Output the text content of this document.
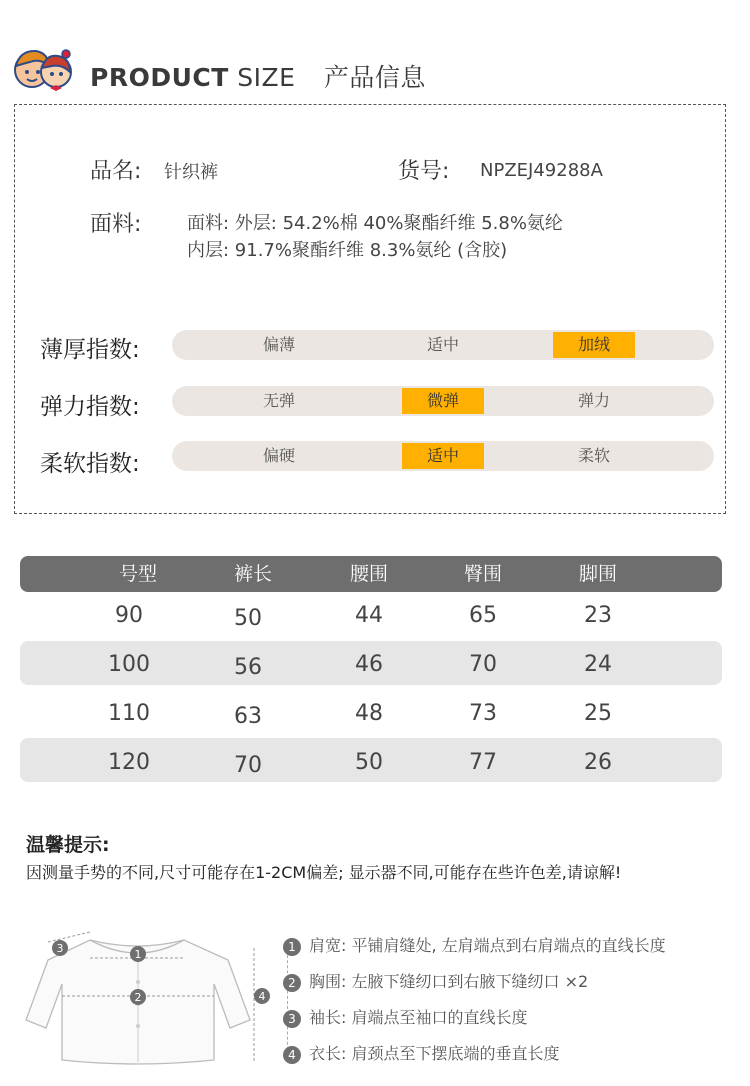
PRODUCT SIZE 产品信息
品名: 针织裤	货号: NPZEJ49288A
面料:	面料: 外层: 54.2%棉 40%聚酯纤维 5.8%氨纶
内层: 91.7%聚酯纤维 8.3%氨纶 (含胶)
薄厚指数:	偏薄	适中	加绒
弹力指数:	无弹	微弹	弹力
柔软指数:	偏硬	适中	柔软
号型	裤长	腰围	臀围	脚围
90	50	44	65	23
100	56	46	70	24
110	63	48	73	25
120	70	50	77	26
温馨提示:
因测量手势的不同,尺寸可能存在1-2CM偏差; 显示器不同,可能存在些许色差,请谅解!
3	1
2	4
1 肩宽: 平铺肩缝处, 左肩端点到右肩端点的直线长度
2 胸围: 左腋下缝纫口到右腋下缝纫口 ×2
3 袖长: 肩端点至袖口的直线长度
4 衣长: 肩颈点至下摆底端的垂直长度
